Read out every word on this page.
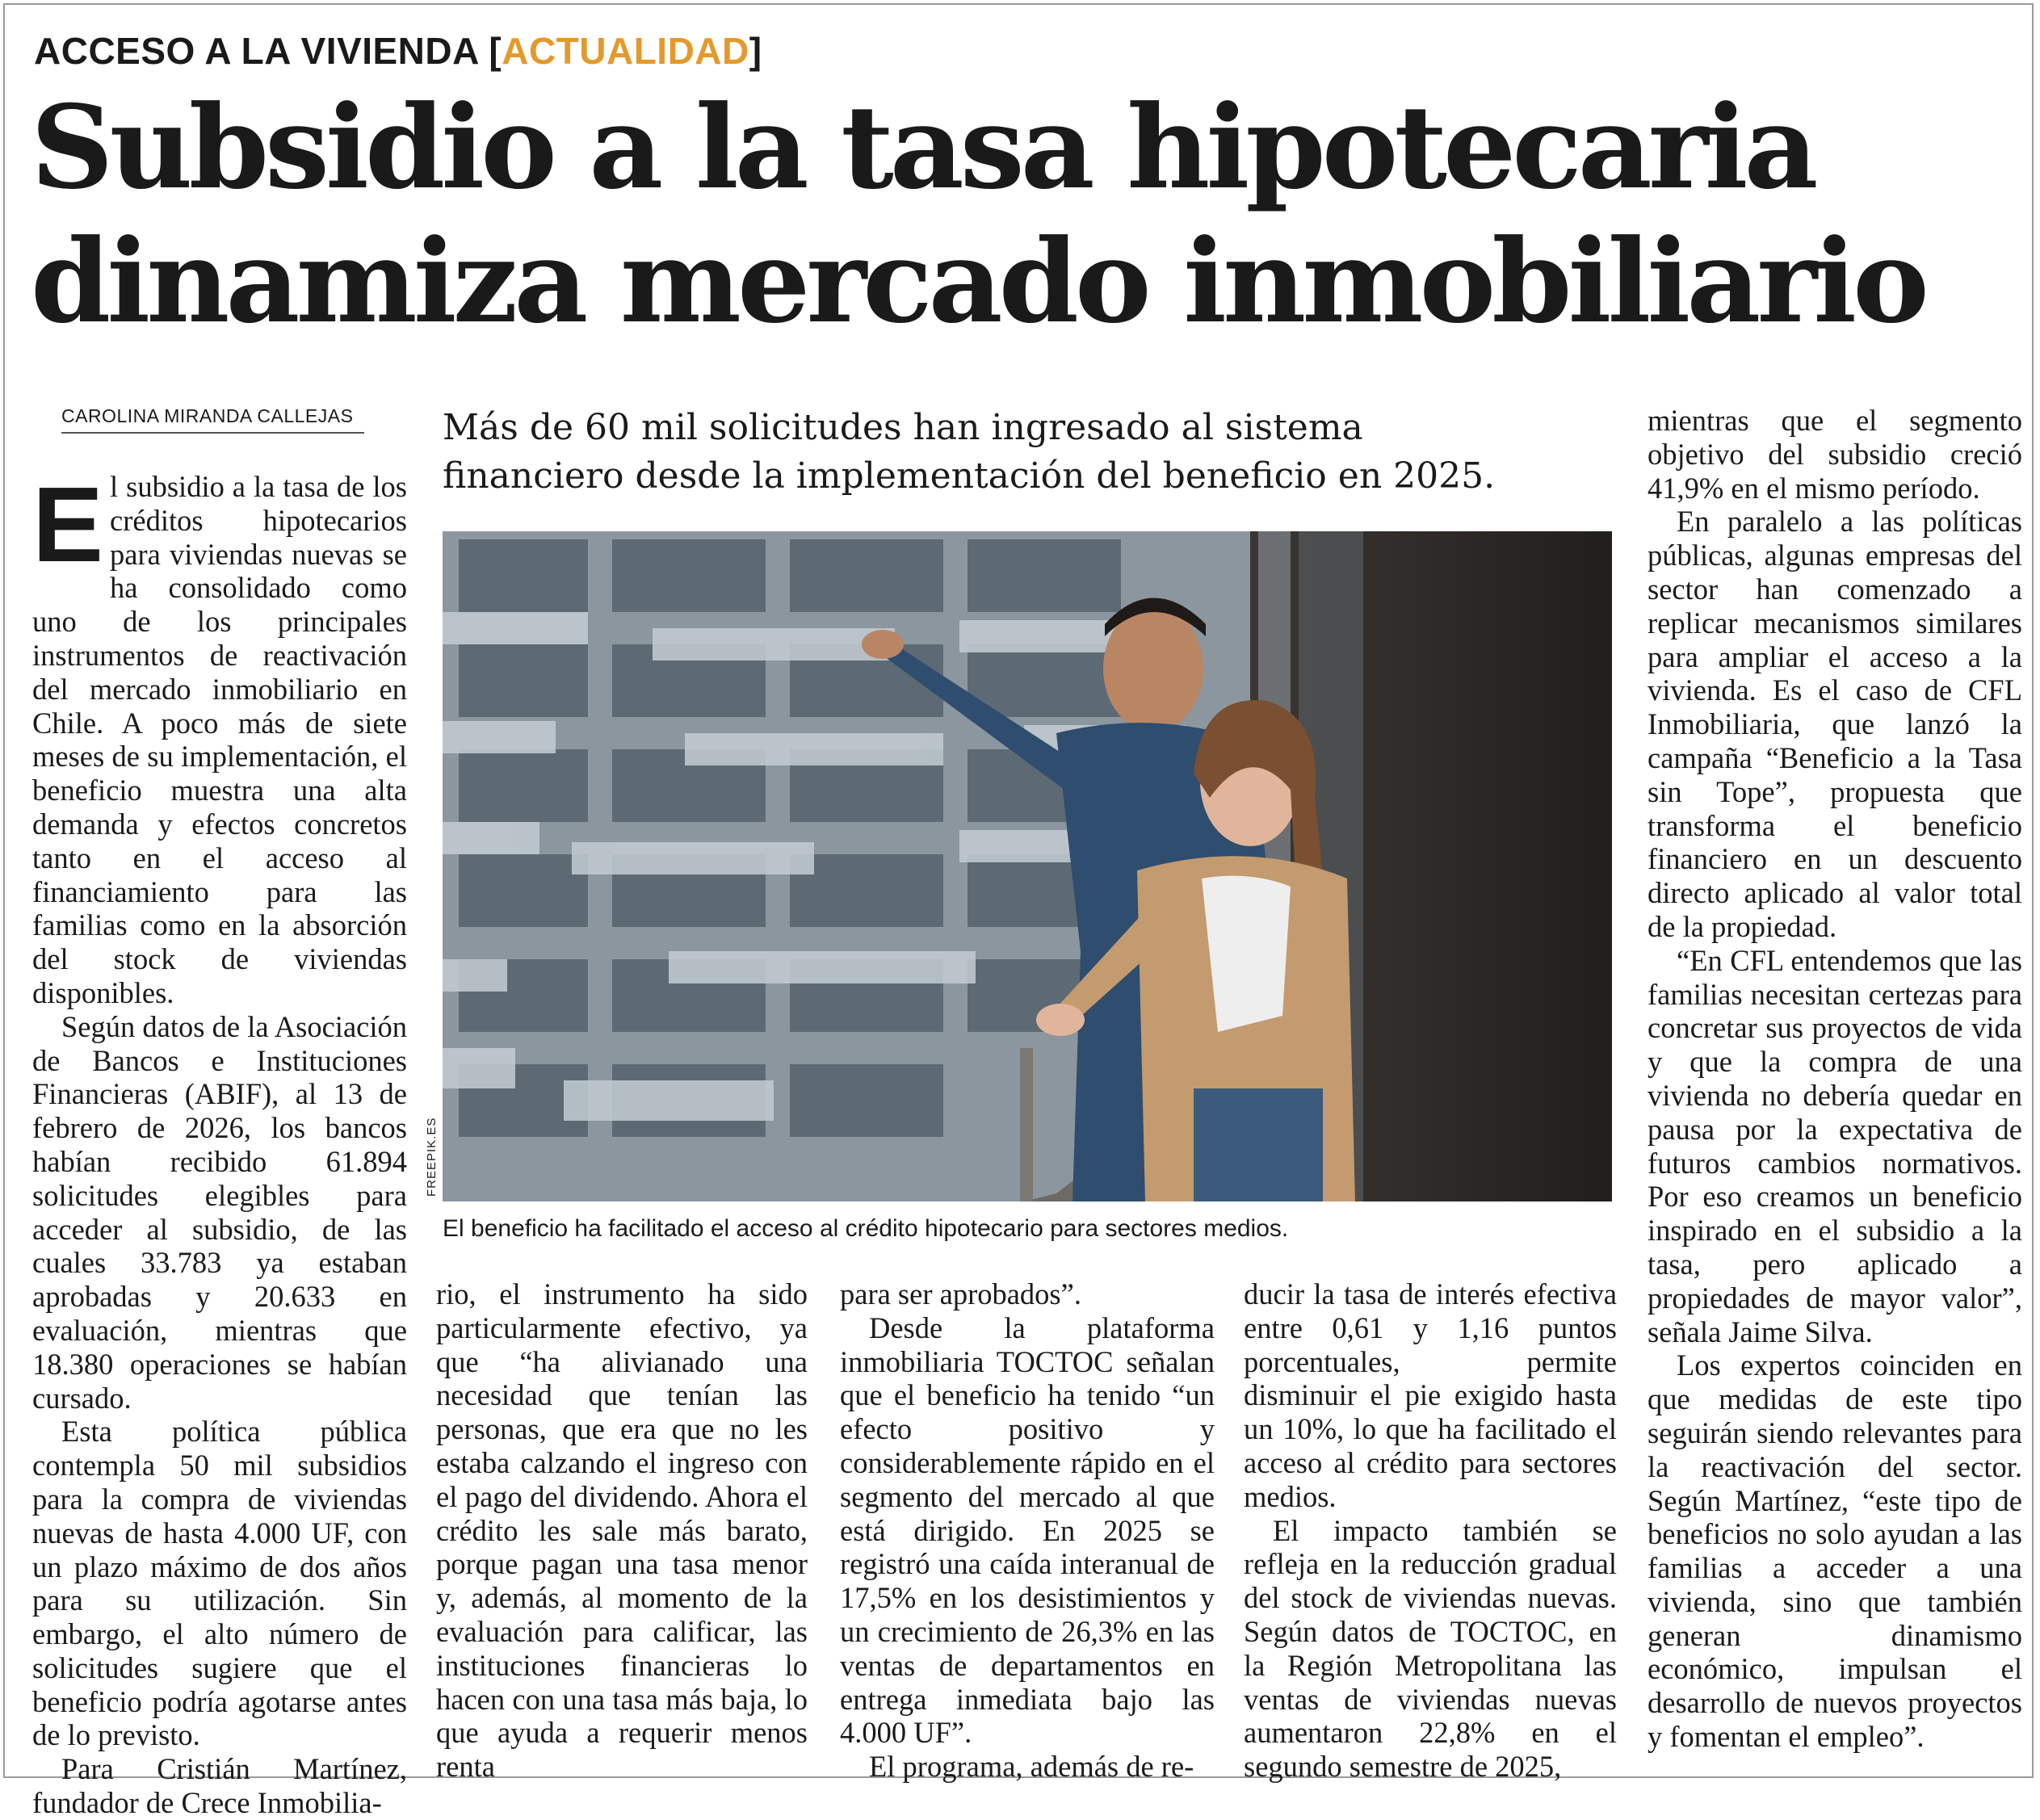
ACCESO A LA VIVIENDA [ACTUALIDAD]
Subsidio a la tasa hipotecaria
dinamiza mercado inmobiliario
CAROLINA MIRANDA CALLEJAS	Más de 60 mil solicitudes han ingresado al sistema
financiero desde la implementación del beneficio en 2025.

El subsidio a la tasa de los créditos hipotecarios para viviendas nuevas se ha consolidado como uno de los principales instrumentos de reactivación del mercado inmobiliario en Chile. A poco más de siete meses de su implementación, el beneficio muestra una alta demanda y efectos concretos tanto en el acceso al financiamiento para las familias como en la absorción del stock de viviendas disponibles.

Según datos de la Asociación de Bancos e Instituciones Financieras (ABIF), al 13 de febrero de 2026, los bancos habían recibido 61.894 solicitudes elegibles para acceder al subsidio, de las cuales 33.783 ya estaban aprobadas y 20.633 en evaluación, mientras que 18.380 operaciones se habían cursado.

Esta política pública contempla 50 mil subsidios para la compra de viviendas nuevas de hasta 4.000 UF, con un plazo máximo de dos años para su utilización. Sin embargo, el alto número de solicitudes sugiere que el beneficio podría agotarse antes de lo previsto.

Para Cristián Martínez, fundador de Crece Inmobilia-

FREEPIK.ES
El beneficio ha facilitado el acceso al crédito hipotecario para sectores medios.

rio, el instrumento ha sido particularmente efectivo, ya que “ha alivianado una necesidad que tenían las personas, que era que no les estaba calzando el ingreso con el pago del dividendo. Ahora el crédito les sale más barato, porque pagan una tasa menor y, además, al momento de la evaluación para calificar, las instituciones financieras lo hacen con una tasa más baja, lo que ayuda a requerir menos renta

para ser aprobados”.

Desde la plataforma inmobiliaria TOCTOC señalan que el beneficio ha tenido “un efecto positivo y considerablemente rápido en el segmento del mercado al que está dirigido. En 2025 se registró una caída interanual de 17,5% en los desistimientos y un crecimiento de 26,3% en las ventas de departamentos en entrega inmediata bajo las 4.000 UF”.

El programa, además de re-

ducir la tasa de interés efectiva entre 0,61 y 1,16 puntos porcentuales, permite disminuir el pie exigido hasta un 10%, lo que ha facilitado el acceso al crédito para sectores medios.

El impacto también se refleja en la reducción gradual del stock de viviendas nuevas. Según datos de TOCTOC, en la Región Metropolitana las ventas de viviendas nuevas aumentaron 22,8% en el segundo semestre de 2025,

mientras que el segmento objetivo del subsidio creció 41,9% en el mismo período.

En paralelo a las políticas públicas, algunas empresas del sector han comenzado a replicar mecanismos similares para ampliar el acceso a la vivienda. Es el caso de CFL Inmobiliaria, que lanzó la campaña “Beneficio a la Tasa sin Tope”, propuesta que transforma el beneficio financiero en un descuento directo aplicado al valor total de la propiedad.

“En CFL entendemos que las familias necesitan certezas para concretar sus proyectos de vida y que la compra de una vivienda no debería quedar en pausa por la expectativa de futuros cambios normativos. Por eso creamos un beneficio inspirado en el subsidio a la tasa, pero aplicado a propiedades de mayor valor”, señala Jaime Silva.

Los expertos coinciden en que medidas de este tipo seguirán siendo relevantes para la reactivación del sector. Según Martínez, “este tipo de beneficios no solo ayudan a las familias a acceder a una vivienda, sino que también generan dinamismo económico, impulsan el desarrollo de nuevos proyectos y fomentan el empleo”.
